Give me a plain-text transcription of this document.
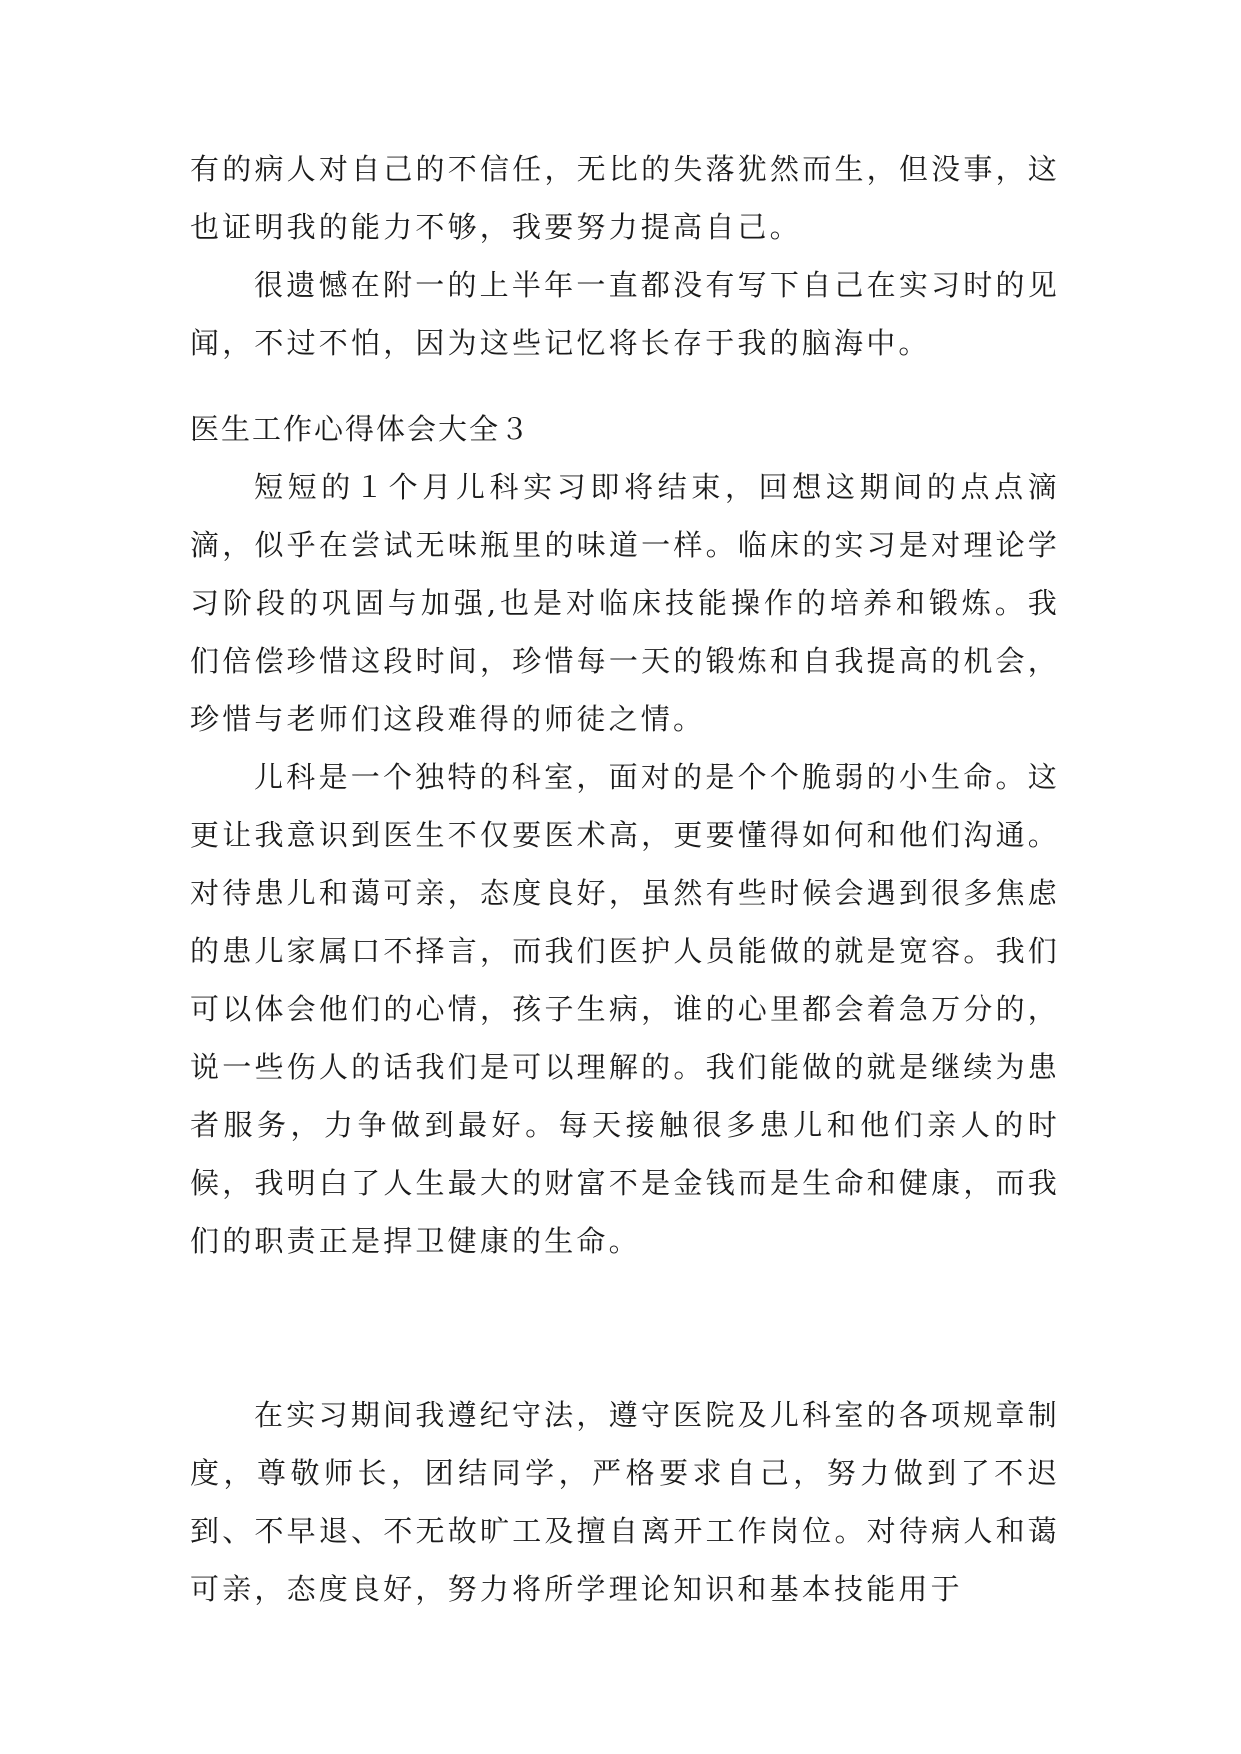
有的病人对自己的不信任，无比的失落犹然而生，但没事，这也证明我的能力不够，我要努力提高自己。

很遗憾在附一的上半年一直都没有写下自己在实习时的见闻，不过不怕，因为这些记忆将长存于我的脑海中。

医生工作心得体会大全３

短短的１个月儿科实习即将结束，回想这期间的点点滴滴，似乎在尝试无味瓶里的味道一样。临床的实习是对理论学习阶段的巩固与加强,也是对临床技能操作的培养和锻炼。我们倍偿珍惜这段时间，珍惜每一天的锻炼和自我提高的机会，珍惜与老师们这段难得的师徒之情。

儿科是一个独特的科室，面对的是个个脆弱的小生命。这更让我意识到医生不仅要医术高，更要懂得如何和他们沟通。对待患儿和蔼可亲，态度良好，虽然有些时候会遇到很多焦虑的患儿家属口不择言，而我们医护人员能做的就是宽容。我们可以体会他们的心情，孩子生病，谁的心里都会着急万分的，说一些伤人的话我们是可以理解的。我们能做的就是继续为患者服务，力争做到最好。每天接触很多患儿和他们亲人的时候，我明白了人生最大的财富不是金钱而是生命和健康，而我们的职责正是捍卫健康的生命。

在实习期间我遵纪守法，遵守医院及儿科室的各项规章制度，尊敬师长，团结同学，严格要求自己，努力做到了不迟到、不早退、不无故旷工及擅自离开工作岗位。对待病人和蔼可亲，态度良好，努力将所学理论知识和基本技能用于
